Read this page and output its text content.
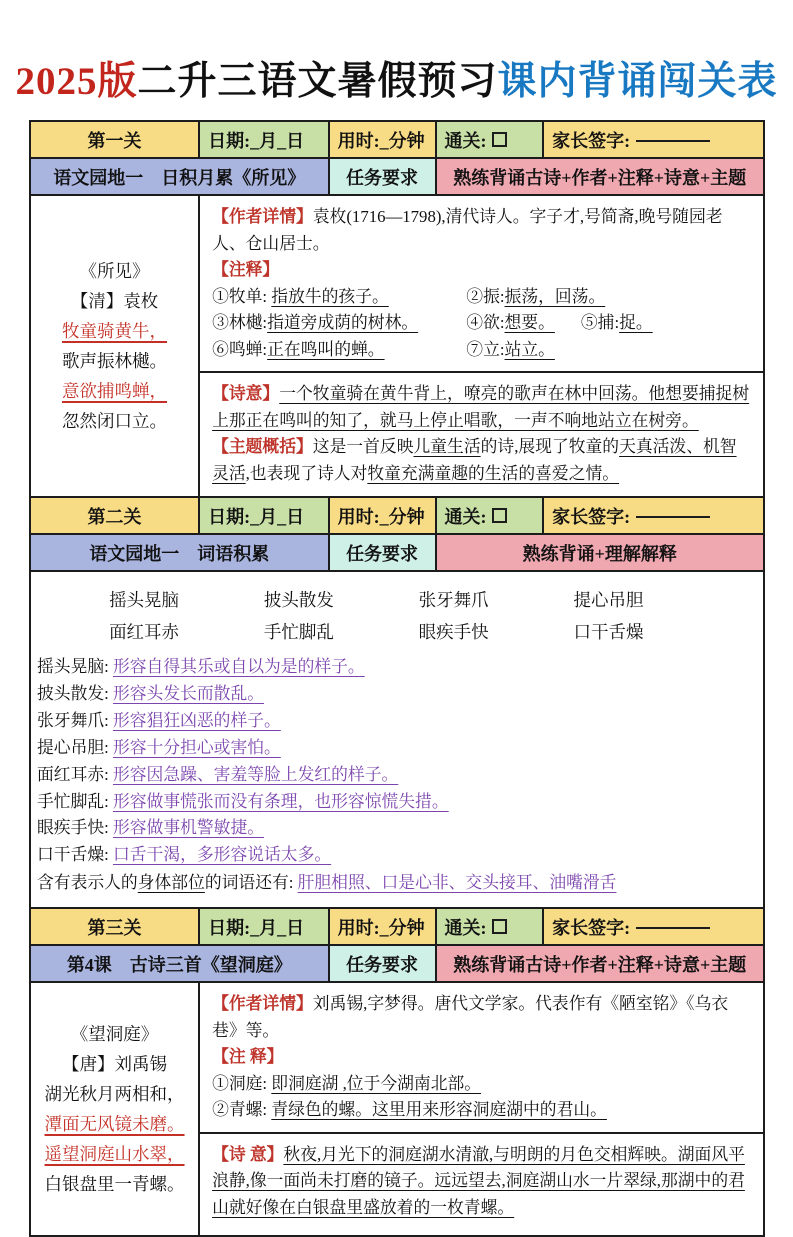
2025版二升三语文暑假预习课内背诵闯关表
第一关	日期:_月_日	用时:_分钟	通关:	家长签字:
语文园地一　日积月累《所见》	任务要求	熟练背诵古诗+作者+注释+诗意+主题
《所见》
【清】袁枚
牧童骑黄牛，
歌声振林樾。
意欲捕鸣蝉，
忽然闭口立。
【作者详情】袁枚(1716—1798),清代诗人。字子才,号简斋,晚号随园老人、仓山居士。
【注释】
①牧单: 指放牛的孩子。	②振:振荡，回荡。
③林樾:指道旁成荫的树林。	④欲:想要。 ⑤捕:捉。
⑥鸣蝉:正在鸣叫的蝉。	⑦立:站立。
【诗意】一个牧童骑在黄牛背上，嘹亮的歌声在林中回荡。他想要捕捉树上那正在鸣叫的知了，就马上停止唱歌，一声不响地站立在树旁。
【主题概括】这是一首反映儿童生活的诗,展现了牧童的天真活泼、机智灵活,也表现了诗人对牧童充满童趣的生活的喜爱之情。
第二关	日期:_月_日	用时:_分钟	通关:	家长签字:
语文园地一　词语积累	任务要求	熟练背诵+理解解释
摇头晃脑	披头散发	张牙舞爪	提心吊胆
面红耳赤	手忙脚乱	眼疾手快	口干舌燥
摇头晃脑: 形容自得其乐或自以为是的样子。
披头散发: 形容头发长而散乱。
张牙舞爪: 形容猖狂凶恶的样子。
提心吊胆: 形容十分担心或害怕。
面红耳赤: 形容因急躁、害羞等脸上发红的样子。
手忙脚乱: 形容做事慌张而没有条理，也形容惊慌失措。
眼疾手快: 形容做事机警敏捷。
口干舌燥: 口舌干渴，多形容说话太多。
含有表示人的身体部位的词语还有: 肝胆相照、口是心非、交头接耳、油嘴滑舌
第三关	日期:_月_日	用时:_分钟	通关:	家长签字:
第4课　古诗三首《望洞庭》	任务要求	熟练背诵古诗+作者+注释+诗意+主题
《望洞庭》
【唐】刘禹锡
湖光秋月两相和，
潭面无风镜未磨。
遥望洞庭山水翠，
白银盘里一青螺。
【作者详情】刘禹锡,字梦得。唐代文学家。代表作有《陋室铭》《乌衣巷》等。
【注 释】
①洞庭: 即洞庭湖 ,位于今湖南北部。
②青螺: 青绿色的螺。这里用来形容洞庭湖中的君山。
【诗 意】秋夜,月光下的洞庭湖水清澈,与明朗的月色交相辉映。湖面风平浪静,像一面尚未打磨的镜子。远远望去,洞庭湖山水一片翠绿,那湖中的君山就好像在白银盘里盛放着的一枚青螺。
